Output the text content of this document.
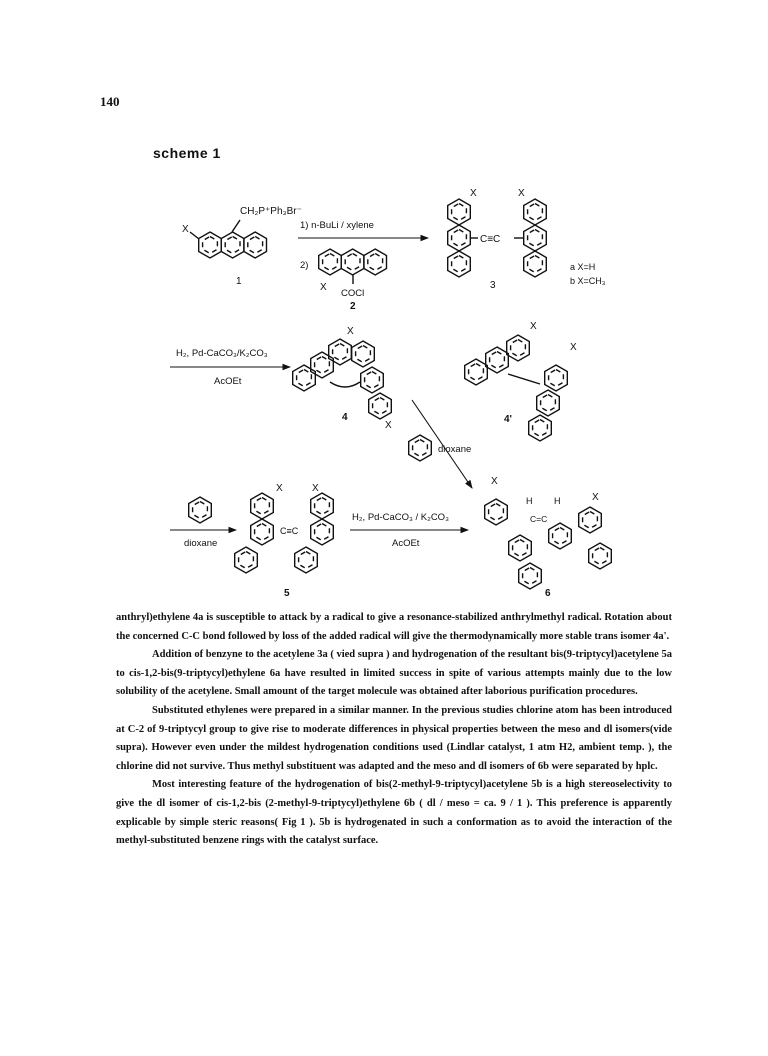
140
scheme 1
CH₂P⁺Ph₃Br⁻
X
1
1) n-BuLi / xylene
2)
X
COCl
2
C≡C
X	X
3
a X=H
b X=CH₃
H₂, Pd-CaCO₃/K₂CO₃
AcOEt
X
X
4
X
X
4'
dioxane
dioxane
X	X
C≡C
5
H₂, Pd-CaCO₃ / K₂CO₃
AcOEt
X
X
H H
C=C
6

anthryl)ethylene 4a is susceptible to attack by a radical to give a resonance-stabilized anthrylmethyl radical. Rotation about the concerned C-C bond followed by loss of the added radical will give the thermodynamically more stable trans isomer 4a'.

Addition of benzyne to the acetylene 3a ( vied supra ) and hydrogenation of the resultant bis(9-triptycyl)acetylene 5a to cis-1,2-bis(9-triptycyl)ethylene 6a have resulted in limited success in spite of various attempts mainly due to the low solubility of the acetylene. Small amount of the target molecule was obtained after laborious purification procedures.

Substituted ethylenes were prepared in a similar manner. In the previous studies chlorine atom has been introduced at C-2 of 9-triptycyl group to give rise to moderate differences in physical properties between the meso and dl isomers(vide supra). However even under the mildest hydrogenation conditions used (Lindlar catalyst, 1 atm H2, ambient temp. ), the chlorine did not survive. Thus methyl substituent was adapted and the meso and dl isomers of 6b were separated by hplc.

Most interesting feature of the hydrogenation of bis(2-methyl-9-triptycyl)acetylene 5b is a high stereoselectivity to give the dl isomer of cis-1,2-bis (2-methyl-9-triptycyl)ethylene 6b ( dl / meso = ca. 9 / 1 ). This preference is apparently explicable by simple steric reasons( Fig 1 ). 5b is hydrogenated in such a conformation as to avoid the interaction of the methyl-substituted benzene rings with the catalyst surface.
